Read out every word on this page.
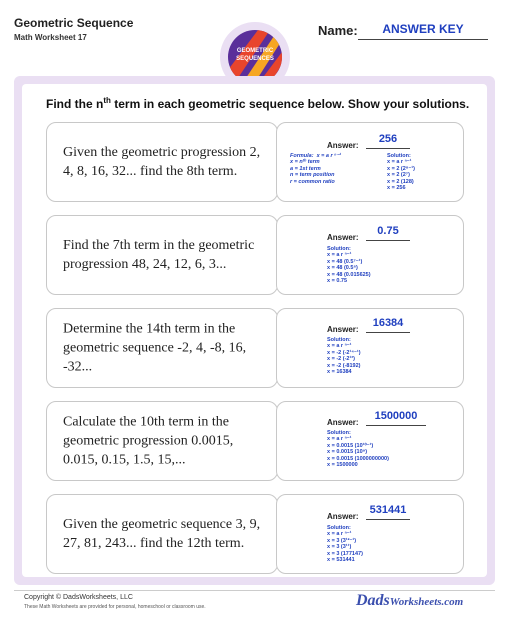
Geometric Sequence
Math Worksheet 17
GEOMETRIC
SEQUENCES
Name:	ANSWER KEY
Find the $n^{th}$ term in each geometric sequence below. Show your solutions.
Given the geometric progression 2, 4, 8, 16, 32... find the 8th term.
Answer:
256
Formula:  x = a r ⁿ⁻¹
x = nᵗʰ term
a = 1st term
n = term position
r = common ratio
Solution:
x = a r ⁿ⁻¹
x = 2 (2⁸⁻¹)
x = 2 (2⁷)
x = 2 (128)
x = 256
Find the 7th term in the geometric progression 48, 24, 12, 6, 3...
Answer:
0.75
Solution:
x = a r ⁿ⁻¹
x = 48 (0.5⁷⁻¹)
x = 48 (0.5⁶)
x = 48 (0.015625)
x = 0.75
Determine the 14th term in the geometric sequence -2, 4, -8, 16, -32...
Answer:
16384
Solution:
x = a r ⁿ⁻¹
x = -2 (-2¹⁴⁻¹)
x = -2 (-2¹³)
x = -2 (-8192)
x = 16384
Calculate the 10th term in the geometric progression 0.0015, 0.015, 0.15, 1.5, 15,...
Answer:
1500000
Solution:
x = a r ⁿ⁻¹
x = 0.0015 (10¹⁰⁻¹)
x = 0.0015 (10⁹)
x = 0.0015 (1000000000)
x = 1500000
Given the geometric sequence 3, 9, 27, 81, 243... find the 12th term.
Answer:
531441
Solution:
x = a r ⁿ⁻¹
x = 3 (3¹²⁻¹)
x = 3 (3¹¹)
x = 3 (177147)
x = 531441
Copyright © DadsWorksheets, LLC
These Math Worksheets are provided for personal, homeschool or classroom use.	DadsWorksheets.com
